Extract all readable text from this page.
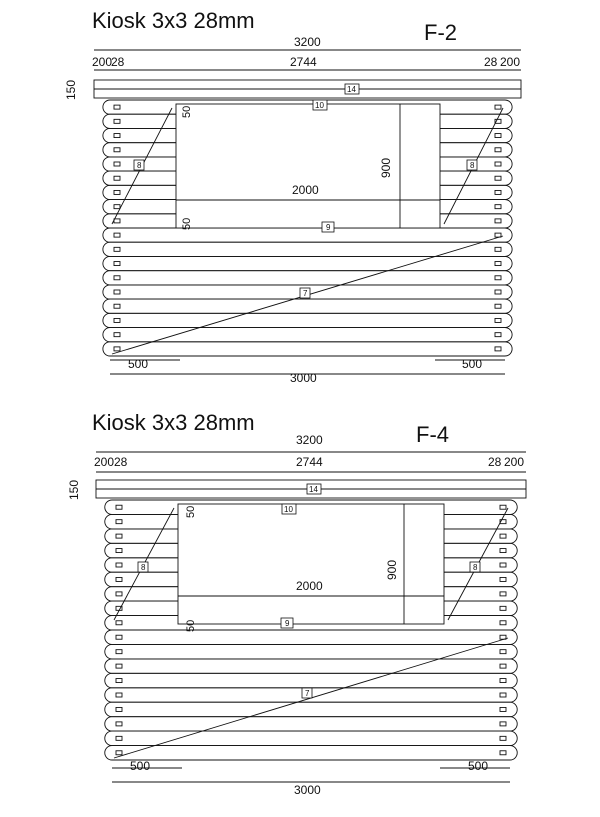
Kiosk 3x3 28mm	F-2
3200
2744
200
28	28 200
150
2000
900
50
50
500	500
3000
10
9
14
8	8
7
Kiosk 3x3 28mm	F-4
3200
2744
200 28	28 200
150
2000
900
50
50
500	500
3000
10
9
14
8	8
7
